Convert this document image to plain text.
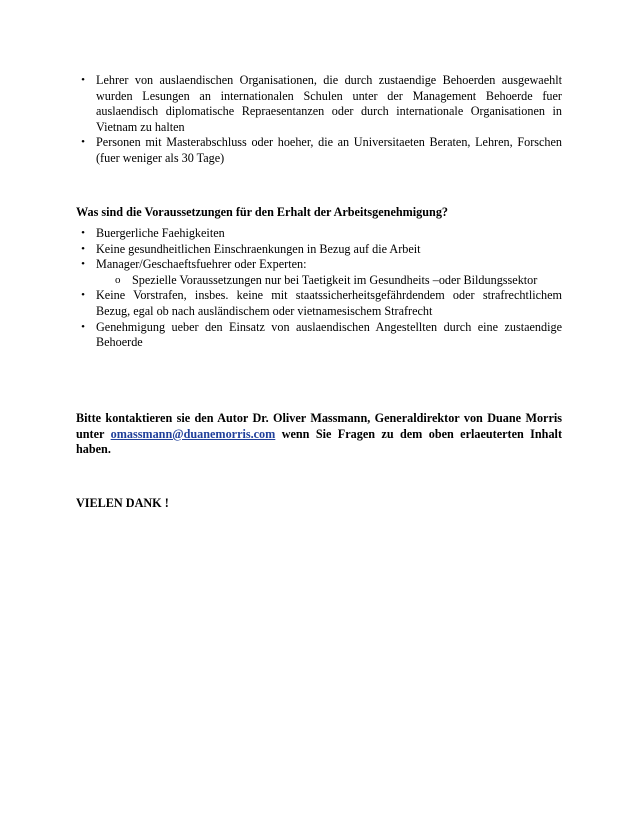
• Lehrer von auslaendischen Organisationen, die durch zustaendige Behoerden ausgewaehlt wurden Lesungen an internationalen Schulen unter der Management Behoerde fuer auslaendisch diplomatische Repraesentanzen oder durch internationale Organisationen in Vietnam zu halten
• Personen mit Masterabschluss oder hoeher, die an Universitaeten Beraten, Lehren, Forschen (fuer weniger als 30 Tage)

Was sind die Voraussetzungen für den Erhalt der Arbeitsgenehmigung?

• Buergerliche Faehigkeiten
• Keine gesundheitlichen Einschraenkungen in Bezug auf die Arbeit
• Manager/Geschaeftsfuehrer oder Experten:
o Spezielle Voraussetzungen nur bei Taetigkeit im Gesundheits –oder Bildungssektor
• Keine Vorstrafen, insbes. keine mit staatssicherheitsgefährdendem oder strafrechtlichem Bezug, egal ob nach ausländischem oder vietnamesischem Strafrecht
• Genehmigung ueber den Einsatz von auslaendischen Angestellten durch eine zustaendige Behoerde

Bitte kontaktieren sie den Autor Dr. Oliver Massmann, Generaldirektor von Duane Morris unter omassmann@duanemorris.com wenn Sie Fragen zu dem oben erlaeuterten Inhalt haben.

VIELEN DANK !
